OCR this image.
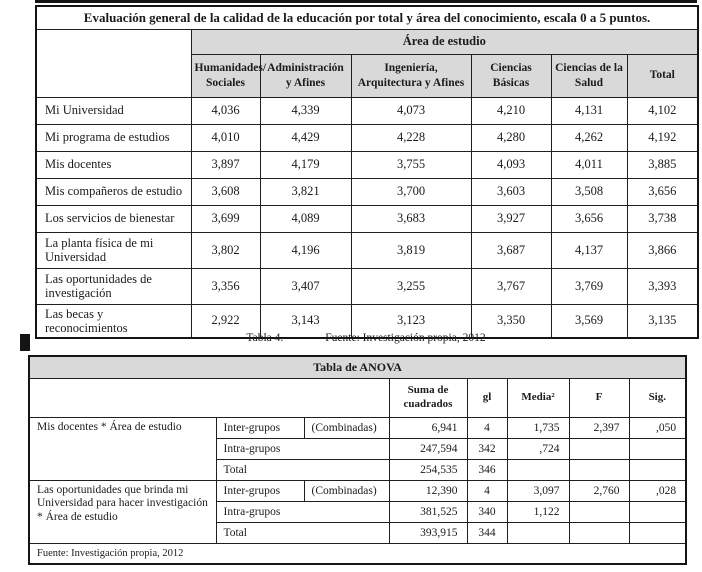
Evaluación general de la calidad de la educación por total y área del conocimiento, escala 0 a 5 puntos.						
	Área de estudio					
	Humanidades/ Sociales	Administración y Afines	Ingeniería, Arquitectura y Afines	Ciencias Básicas	Ciencias de la Salud	Total
Mi Universidad	4,036	4,339	4,073	4,210	4,131	4,102
Mi programa de estudios	4,010	4,429	4,228	4,280	4,262	4,192
Mis docentes	3,897	4,179	3,755	4,093	4,011	3,885
Mis compañeros de estudio	3,608	3,821	3,700	3,603	3,508	3,656
Los servicios de bienestar	3,699	4,089	3,683	3,927	3,656	3,738
La planta física de mi Universidad	3,802	4,196	3,819	3,687	4,137	3,866
Las oportunidades de investigación	3,356	3,407	3,255	3,767	3,769	3,393
Las becas y reconocimientos	2,922	3,143	3,123	3,350	3,569	3,135
Tabla 4.	Fuente: Investigación propia, 2012
Tabla de ANOVA							
			Suma de cuadrados	gl	Media²	F	Sig.
Mis docentes * Área de estudio	Inter-grupos	(Combinadas)	6,941	4	1,735	2,397	,050
	Intra-grupos		247,594	342	,724		
	Total		254,535	346			
Las oportunidades que brinda mi Universidad para hacer investigación * Área de estudio	Inter-grupos	(Combinadas)	12,390	4	3,097	2,760	,028
	Intra-grupos		381,525	340	1,122		
	Total		393,915	344			
Fuente: Investigación propia, 2012							
